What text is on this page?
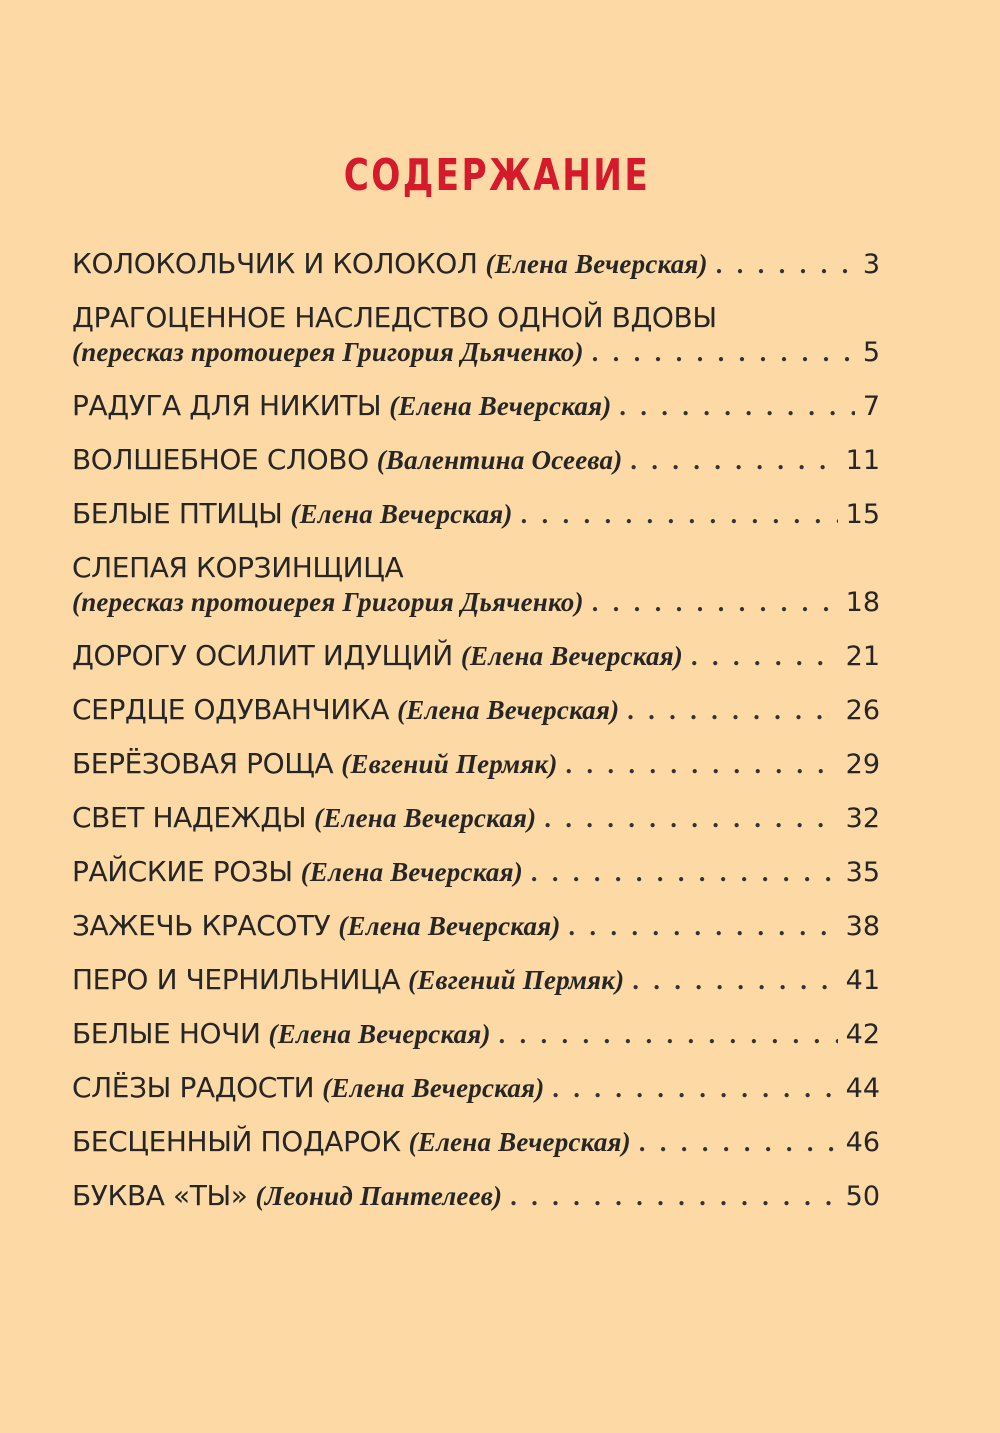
СОДЕРЖАНИЕ
КОЛОКОЛЬЧИК И КОЛОКОЛ (Елена Вечерская) . . .	3
ДРАГОЦЕННОЕ НАСЛЕДСТВО ОДНОЙ ВДОВЫ
(пересказ протоиерея Григория Дьяченко) . . .	5
РАДУГА ДЛЯ НИКИТЫ (Елена Вечерская) . . .	7
ВОЛШЕБНОЕ СЛОВО (Валентина Осеева) . . .	11
БЕЛЫЕ ПТИЦЫ (Елена Вечерская) . . .	15
СЛЕПАЯ КОРЗИНЩИЦА
(пересказ протоиерея Григория Дьяченко) . . .	18
ДОРОГУ ОСИЛИТ ИДУЩИЙ (Елена Вечерская) . . .	21
СЕРДЦЕ ОДУВАНЧИКА (Елена Вечерская) . . .	26
БЕРЁЗОВАЯ РОЩА (Евгений Пермяк) . . .	29
СВЕТ НАДЕЖДЫ (Елена Вечерская) . . .	32
РАЙСКИЕ РОЗЫ (Елена Вечерская) . . .	35
ЗАЖЕЧЬ КРАСОТУ (Елена Вечерская) . . .	38
ПЕРО И ЧЕРНИЛЬНИЦА (Евгений Пермяк) . . .	41
БЕЛЫЕ НОЧИ (Елена Вечерская) . . .	42
СЛЁЗЫ РАДОСТИ (Елена Вечерская) . . .	44
БЕСЦЕННЫЙ ПОДАРОК (Елена Вечерская) . . .	46
БУКВА «ТЫ» (Леонид Пантелеев) . . .	50
